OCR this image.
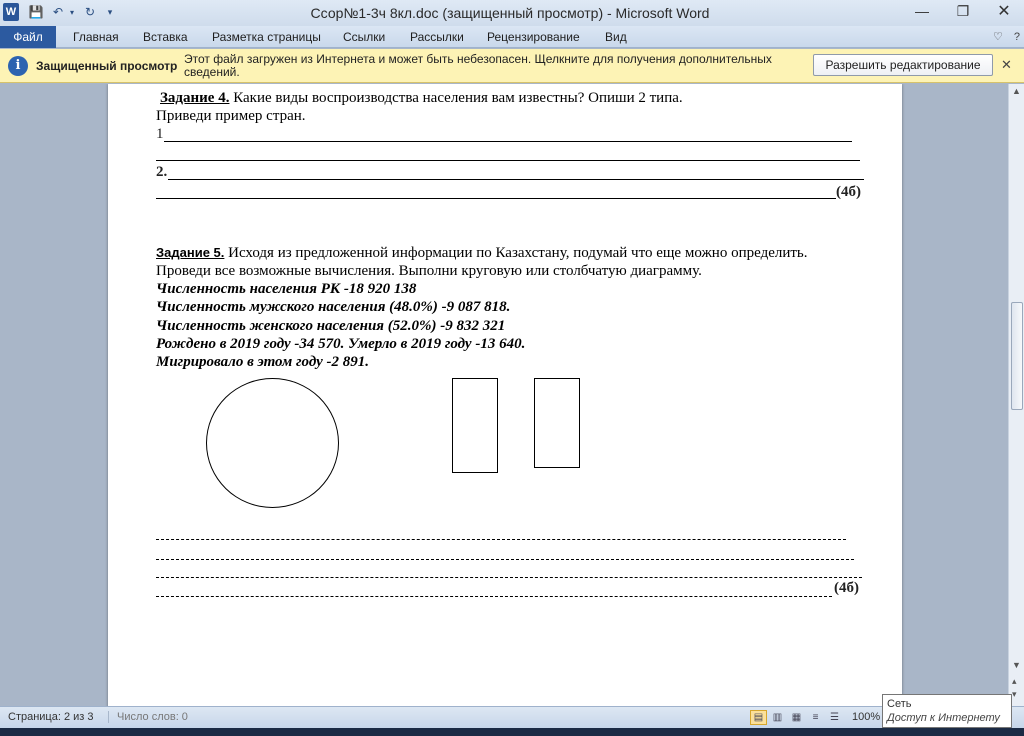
W 💾 ↶ ▾ ↻	▾	Ссор№1-3ч 8кл.doc (защищенный просмотр) - Microsoft Word	—	❐	✕
Файл	Главная Вставка Разметка страницы Ссылки Рассылки Рецензирование Вид	♡ ?
i	Защищенный просмотр Этот файл загружен из Интернета и может быть небезопасен. Щелкните для получения дополнительных сведений.	Разрешить редактирование	✕
Задание 4. Какие виды воспроизводства населения вам известны? Опиши 2 типа.
Приведи пример стран.
1
2.
(4б)
Задание 5. Исходя из предложенной информации по Казахстану, подумай что еще можно определить.
Проведи все возможные вычисления. Выполни круговую или столбчатую диаграмму.
Численность населения РК -18 920 138
Численность мужского населения (48.0%) -9 087 818.
Численность женского населения (52.0%) -9 832 321
Рождено в 2019 году -34 570. Умерло в 2019 году -13 640.
Мигрировало в этом году -2 891.
(4б)
▲
▼
▴
▾
Страница: 2 из 3	Число слов: 0	▤ ▥ ▦	≡	☰	100%
Сеть
Доступ к Интернету
